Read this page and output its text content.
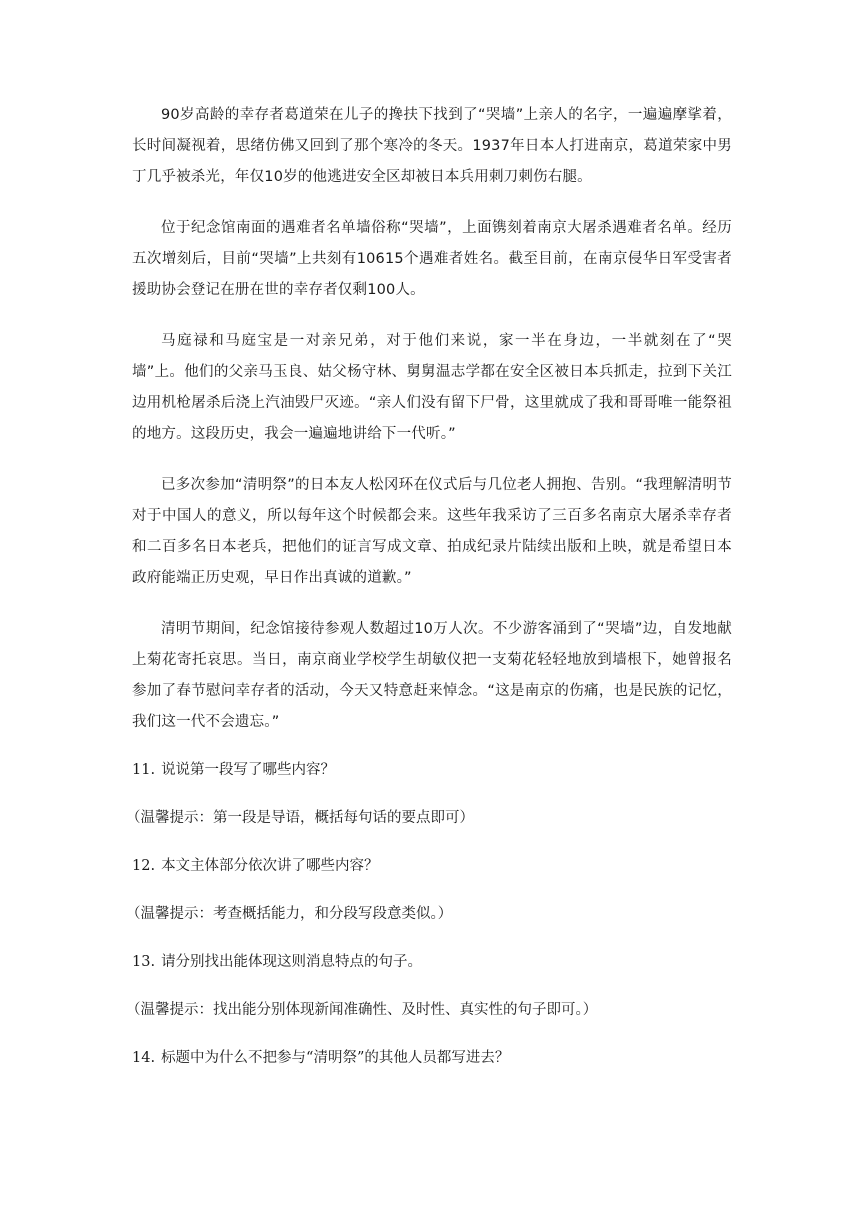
90岁高龄的幸存者葛道荣在儿子的搀扶下找到了“哭墙”上亲人的名字，一遍遍摩挲着，长时间凝视着，思绪仿佛又回到了那个寒冷的冬天。1937年日本人打进南京，葛道荣家中男丁几乎被杀光，年仅10岁的他逃进安全区却被日本兵用刺刀刺伤右腿。

位于纪念馆南面的遇难者名单墙俗称“哭墙”，上面镌刻着南京大屠杀遇难者名单。经历五次增刻后，目前“哭墙”上共刻有10615个遇难者姓名。截至目前，在南京侵华日军受害者援助协会登记在册在世的幸存者仅剩100人。

马庭禄和马庭宝是一对亲兄弟，对于他们来说，家一半在身边，一半就刻在了“哭墙”上。他们的父亲马玉良、姑父杨守林、舅舅温志学都在安全区被日本兵抓走，拉到下关江边用机枪屠杀后浇上汽油毁尸灭迹。“亲人们没有留下尸骨，这里就成了我和哥哥唯一能祭祖的地方。这段历史，我会一遍遍地讲给下一代听。”

已多次参加“清明祭”的日本友人松冈环在仪式后与几位老人拥抱、告别。“我理解清明节对于中国人的意义，所以每年这个时候都会来。这些年我采访了三百多名南京大屠杀幸存者和二百多名日本老兵，把他们的证言写成文章、拍成纪录片陆续出版和上映，就是希望日本政府能端正历史观，早日作出真诚的道歉。”

清明节期间，纪念馆接待参观人数超过10万人次。不少游客涌到了“哭墙”边，自发地献上菊花寄托哀思。当日，南京商业学校学生胡敏仪把一支菊花轻轻地放到墙根下，她曾报名参加了春节慰问幸存者的活动，今天又特意赶来悼念。“这是南京的伤痛，也是民族的记忆，我们这一代不会遗忘。”

11. 说说第一段写了哪些内容？
（温馨提示：第一段是导语，概括每句话的要点即可）
12. 本文主体部分依次讲了哪些内容？
（温馨提示：考查概括能力，和分段写段意类似。）
13. 请分别找出能体现这则消息特点的句子。
（温馨提示：找出能分别体现新闻准确性、及时性、真实性的句子即可。）
14. 标题中为什么不把参与“清明祭”的其他人员都写进去？
